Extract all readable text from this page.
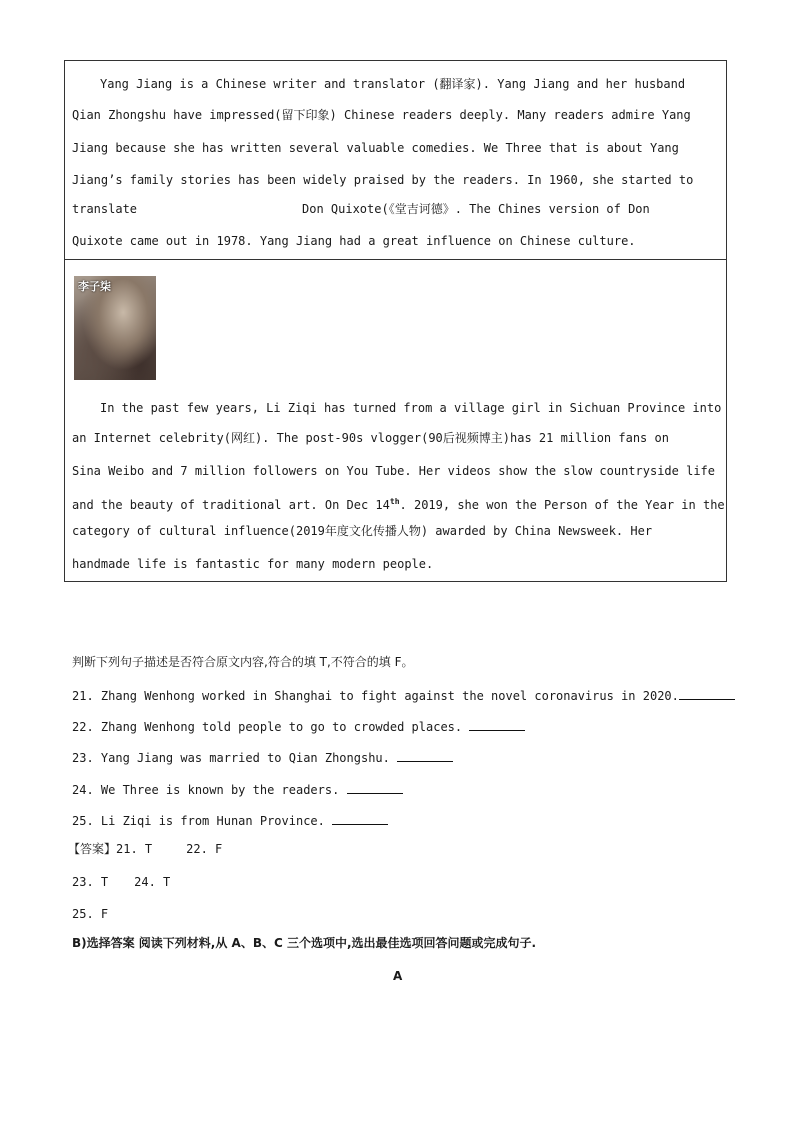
Yang Jiang is a Chinese writer and translator (翻译家). Yang Jiang and her husband
Qian Zhongshu have impressed(留下印象) Chinese readers deeply. Many readers admire Yang
Jiang because she has written several valuable comedies. We Three that is about Yang
Jiang’s family stories has been widely praised by the readers. In 1960, she started to
translate	Don Quixote(《堂吉诃德》. The Chines version of Don
Quixote came out in 1978. Yang Jiang had a great influence on Chinese culture.
李子柒
In the past few years, Li Ziqi has turned from a village girl in Sichuan Province into
an Internet celebrity(网红). The post-90s vlogger(90后视频博主)has 21 million fans on
Sina Weibo and 7 million followers on You Tube. Her videos show the slow countryside life
and the beauty of traditional art. On Dec 14th. 2019, she won the Person of the Year in the
category of cultural influence(2019年度文化传播人物) awarded by China Newsweek. Her
handmade life is fantastic for many modern people.
判断下列句子描述是否符合原文内容,符合的填 T,不符合的填 F。
21. Zhang Wenhong worked in Shanghai to fight against the novel coronavirus in 2020.
22. Zhang Wenhong told people to go to crowded places.
23. Yang Jiang was married to Qian Zhongshu.
24. We Three is known by the readers.
25. Li Ziqi is from Hunan Province.
【答案】21. T	22. F
23. T 24. T
25. F
B)选择答案 阅读下列材料,从 A、B、C 三个选项中,选出最佳选项回答问题或完成句子.
A
